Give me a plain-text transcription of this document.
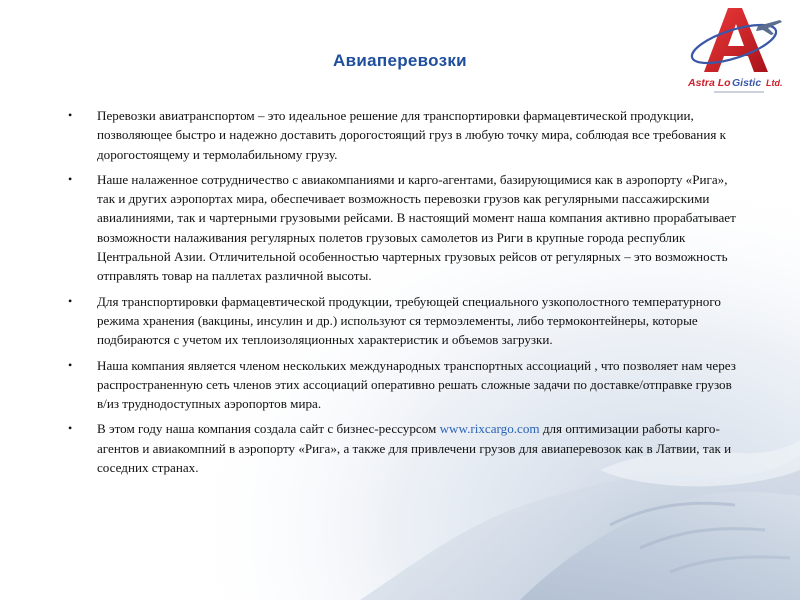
Astra Lo Gistic Ltd.
Авиаперевозки
• Перевозки авиатранспортом – это идеальное решение для транспортировки фармацевтической продукции, позволяющее быстро и надежно доставить дорогостоящий груз в любую точку мира, соблюдая все требования к дорогостоящему и термолабильному грузу.
• Наше налаженное сотрудничество с авиакомпаниями и карго-агентами, базирующимися как в аэропорту «Рига», так и других аэропортах мира, обеспечивает возможность перевозки грузов как регулярными пассажирскими авиалиниями, так и чартерными грузовыми рейсами. В настоящий момент наша компания активно прорабатывает возможности налаживания регулярных полетов грузовых самолетов из Риги в крупные города республик Центральной Азии. Отличительной особенностью чартерных грузовых рейсов от регулярных – это возможность отправлять товар на паллетах различной высоты.
• Для транспортировки фармацевтической продукции, требующей специального узкополостного температурного режима хранения (вакцины, инсулин и др.) используют ся термоэлементы, либо термоконтейнеры, которые подбираются с учетом их теплоизоляционных характеристик и объемов загрузки.
• Наша компания является членом нескольких международных транспортных ассоциаций , что позволяет нам через распространенную сеть членов этих ассоциаций оперативно решать сложные задачи по доставке/отправке грузов в/из труднодоступных аэропортов мира.
• В этом году наша компания создала сайт с бизнес-рессурсом www.rixcargo.com для оптимизации работы карго-агентов и авиакомпний в аэропорту «Рига», а также для привлечени грузов для авиаперевозок как в Латвии, так и соседних странах.
